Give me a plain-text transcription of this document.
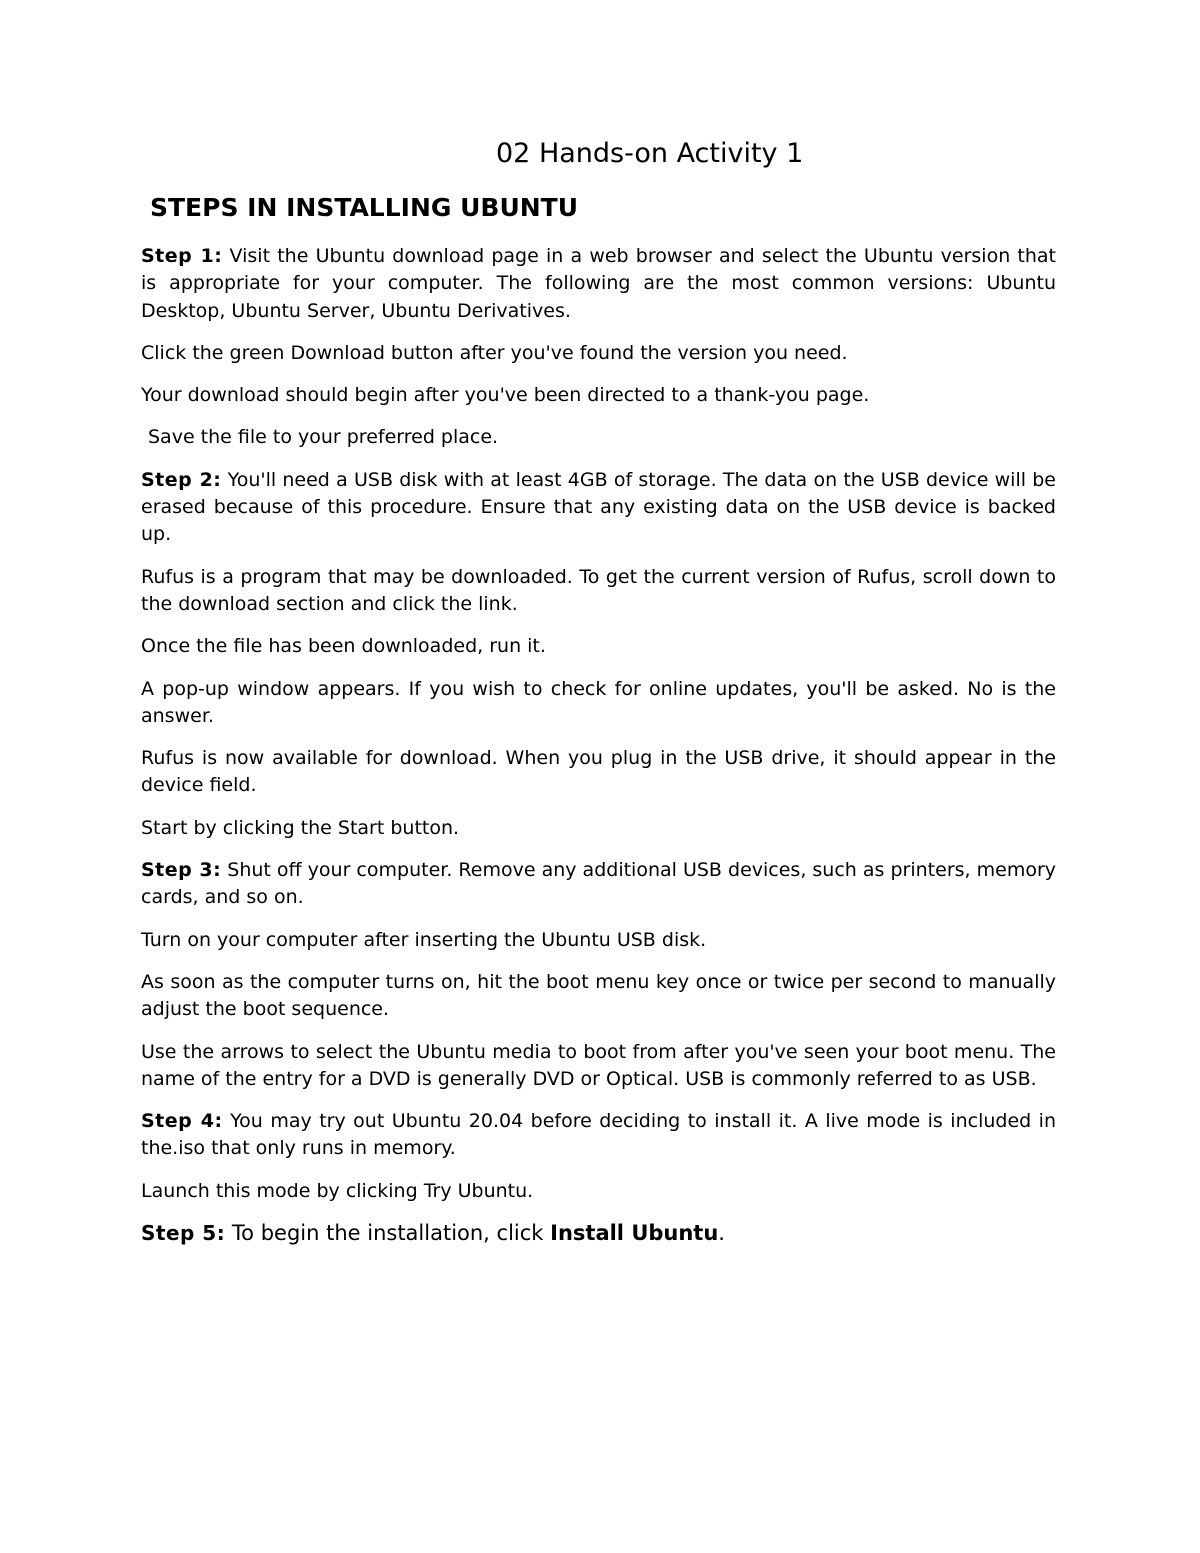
02 Hands-on Activity 1
STEPS IN INSTALLING UBUNTU

Step 1: Visit the Ubuntu download page in a web browser and select the Ubuntu version that is appropriate for your computer. The following are the most common versions: Ubuntu Desktop, Ubuntu Server, Ubuntu Derivatives.

Click the green Download button after you've found the version you need.

Your download should begin after you've been directed to a thank-you page.

Save the file to your preferred place.

Step 2: You'll need a USB disk with at least 4GB of storage. The data on the USB device will be erased because of this procedure. Ensure that any existing data on the USB device is backed up.

Rufus is a program that may be downloaded. To get the current version of Rufus, scroll down to the download section and click the link.

Once the file has been downloaded, run it.

A pop-up window appears. If you wish to check for online updates, you'll be asked. No is the answer.

Rufus is now available for download. When you plug in the USB drive, it should appear in the device field.

Start by clicking the Start button.

Step 3: Shut off your computer. Remove any additional USB devices, such as printers, memory cards, and so on.

Turn on your computer after inserting the Ubuntu USB disk.

As soon as the computer turns on, hit the boot menu key once or twice per second to manually adjust the boot sequence.

Use the arrows to select the Ubuntu media to boot from after you've seen your boot menu. The name of the entry for a DVD is generally DVD or Optical. USB is commonly referred to as USB.

Step 4: You may try out Ubuntu 20.04 before deciding to install it. A live mode is included in the.iso that only runs in memory.

Launch this mode by clicking Try Ubuntu.

Step 5: To begin the installation, click Install Ubuntu.
